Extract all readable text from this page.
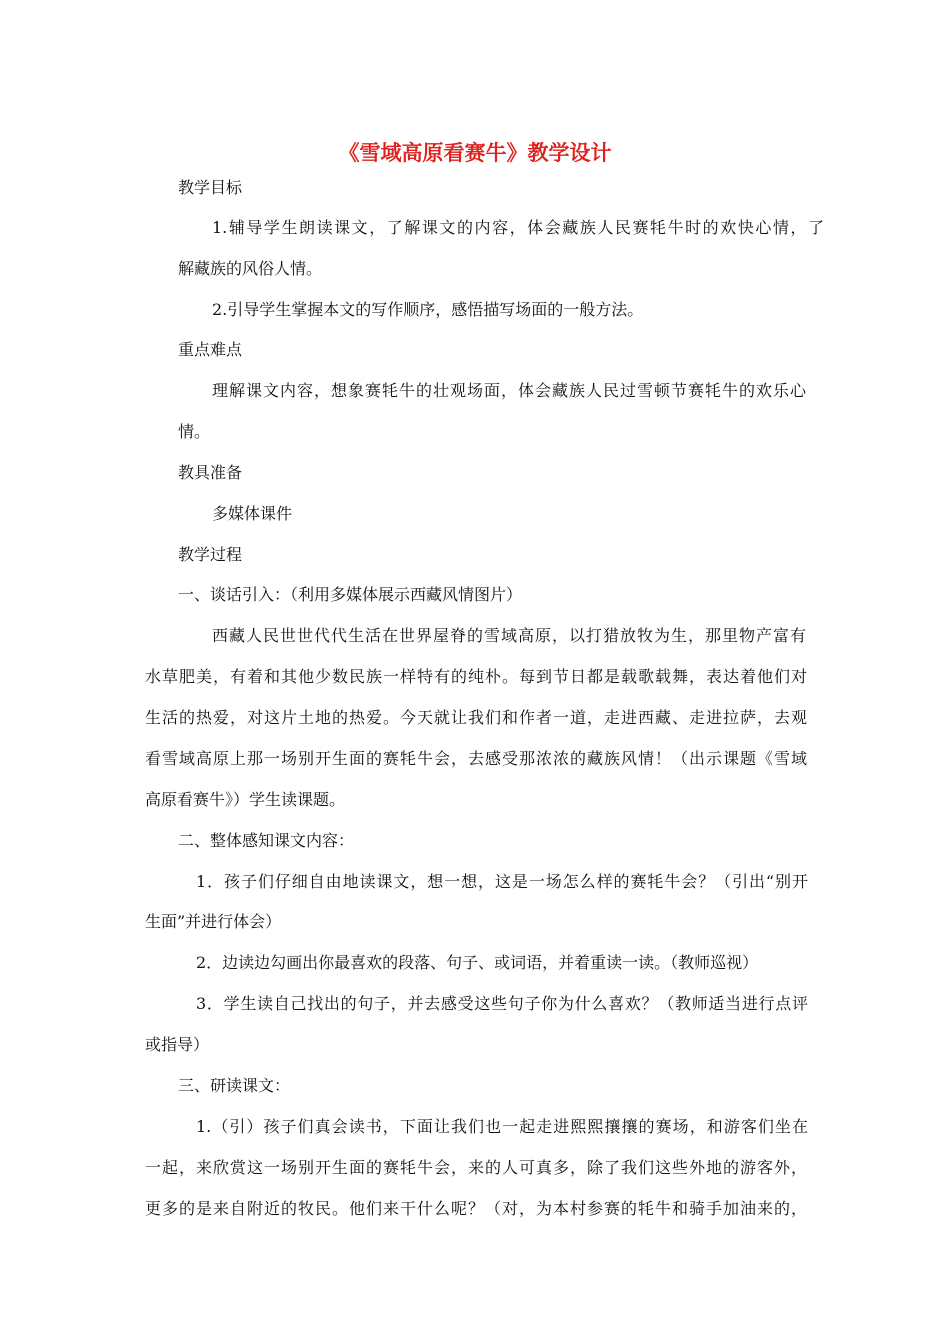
《雪域高原看赛牛》教学设计
教学目标
1.辅导学生朗读课文，了解课文的内容，体会藏族人民赛牦牛时的欢快心情，了
解藏族的风俗人情。
2.引导学生掌握本文的写作顺序，感悟描写场面的一般方法。
重点难点
理解课文内容，想象赛牦牛的壮观场面，体会藏族人民过雪顿节赛牦牛的欢乐心
情。
教具准备
多媒体课件
教学过程
一、谈话引入：（利用多媒体展示西藏风情图片）
西藏人民世世代代生活在世界屋脊的雪域高原，以打猎放牧为生，那里物产富有
水草肥美，有着和其他少数民族一样特有的纯朴。每到节日都是载歌载舞，表达着他们对
生活的热爱，对这片土地的热爱。今天就让我们和作者一道，走进西藏、走进拉萨，去观
看雪域高原上那一场别开生面的赛牦牛会，去感受那浓浓的藏族风情！（出示课题《雪域
高原看赛牛》）学生读课题。
二、整体感知课文内容：
1．孩子们仔细自由地读课文，想一想，这是一场怎么样的赛牦牛会？（引出“别开
生面”并进行体会）
2．边读边勾画出你最喜欢的段落、句子、或词语，并着重读一读。（教师巡视）
3．学生读自己找出的句子，并去感受这些句子你为什么喜欢？（教师适当进行点评
或指导）
三、研读课文：
1.（引）孩子们真会读书，下面让我们也一起走进熙熙攘攘的赛场，和游客们坐在
一起，来欣赏这一场别开生面的赛牦牛会，来的人可真多，除了我们这些外地的游客外，
更多的是来自附近的牧民。他们来干什么呢？（对，为本村参赛的牦牛和骑手加油来的，
